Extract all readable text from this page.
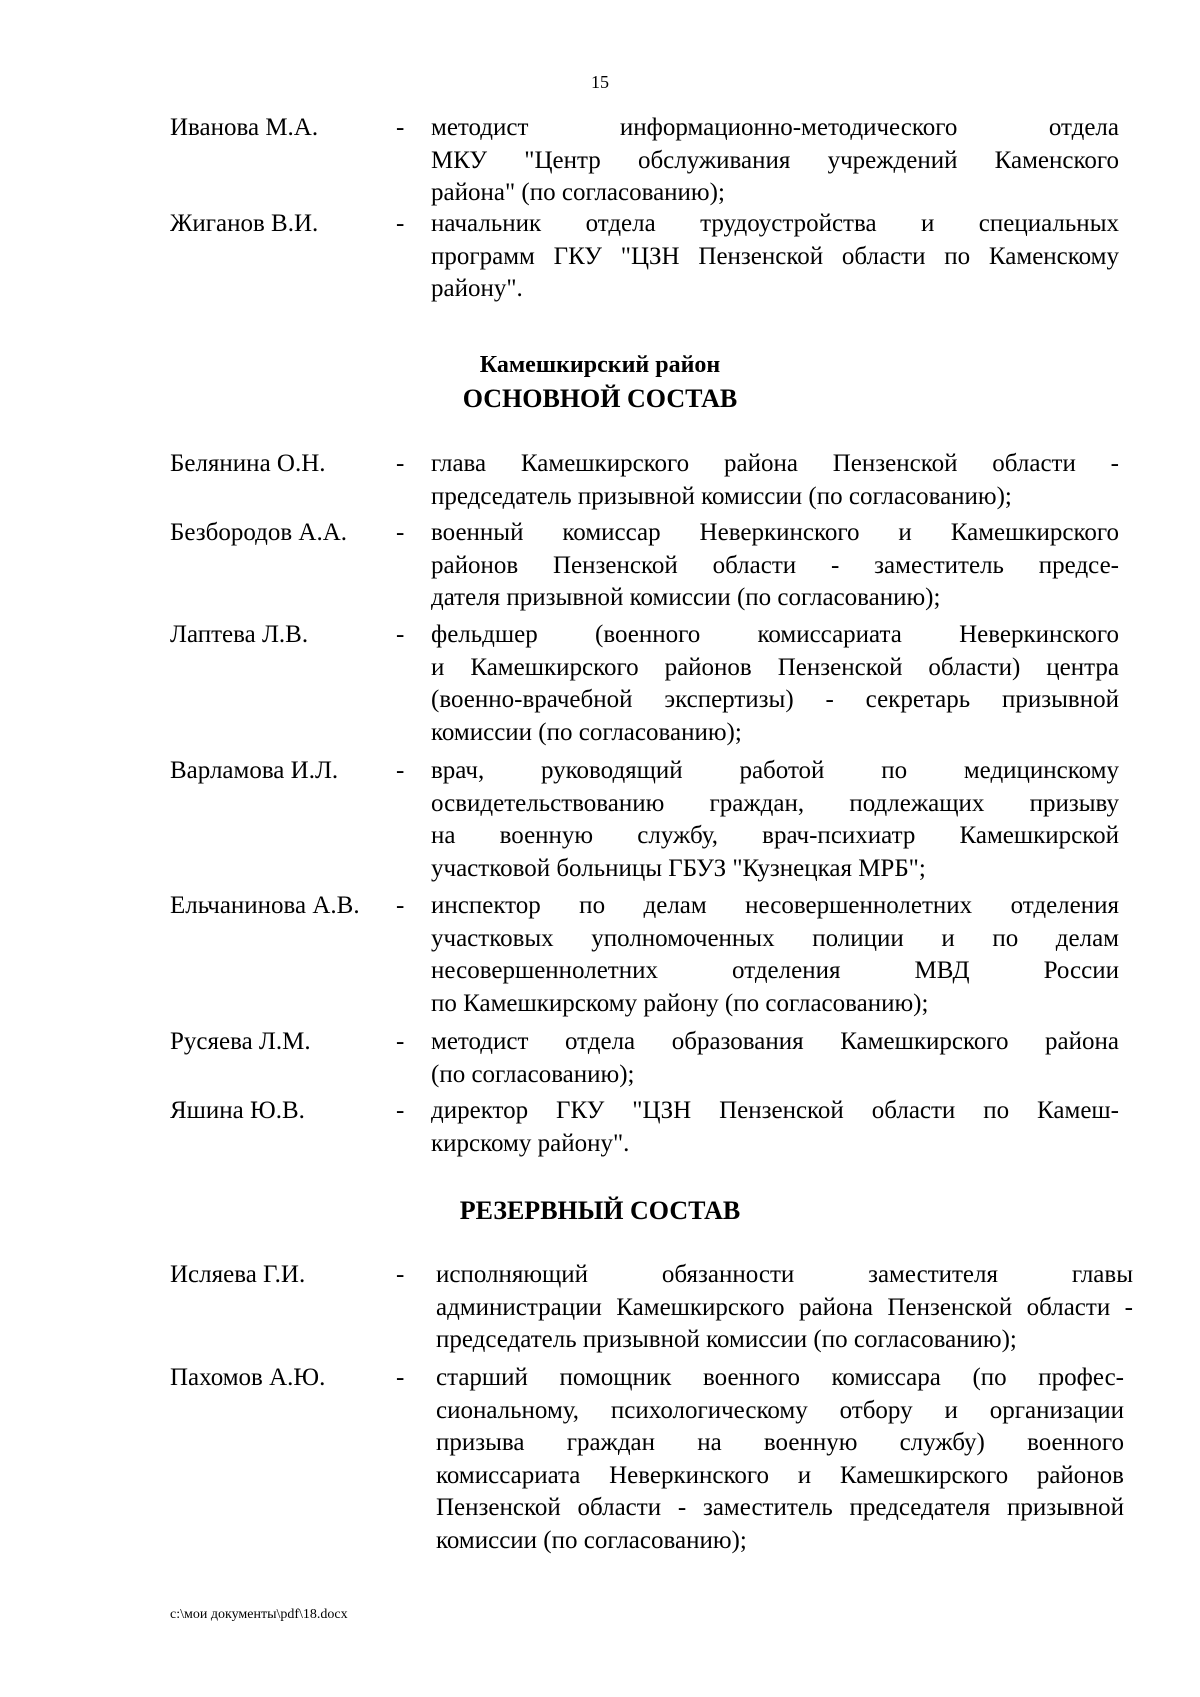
15
Иванова М.А.	- методист информационно-методического отдела
МКУ "Центр обслуживания учреждений Каменского
района" (по согласованию);
Жиганов В.И.	- начальник отдела трудоустройства и специальных
программ ГКУ "ЦЗН Пензенской области по Каменскому
району".
Камешкирский район
ОСНОВНОЙ СОСТАВ
Белянина О.Н.	- глава Камешкирского района Пензенской области -
председатель призывной комиссии (по согласованию);
Безбородов А.А. - военный комиссар Неверкинского и Камешкирского
районов Пензенской области - заместитель предсе-
дателя призывной комиссии (по согласованию);
Лаптева Л.В.	- фельдшер (военного комиссариата Неверкинского
и Камешкирского районов Пензенской области) центра
(военно-врачебной экспертизы) - секретарь призывной
комиссии (по согласованию);
Варламова И.Л. - врач, руководящий работой по медицинскому
освидетельствованию граждан, подлежащих призыву
на военную службу, врач-психиатр Камешкирской
участковой больницы ГБУЗ "Кузнецкая МРБ";
Ельчанинова А.В. - инспектор по делам несовершеннолетних отделения
участковых уполномоченных полиции и по делам
несовершеннолетних отделения МВД России
по Камешкирскому району (по согласованию);
Русяева Л.М.	- методист отдела образования Камешкирского района
(по согласованию);
Яшина Ю.В.	- директор ГКУ "ЦЗН Пензенской области по Камеш-
кирскому району".
РЕЗЕРВНЫЙ СОСТАВ
Исляева Г.И.	- исполняющий обязанности заместителя главы
администрации Камешкирского района Пензенской области -
председатель призывной комиссии (по согласованию);
Пахомов А.Ю.	- старший помощник военного комиссара (по профес-
сиональному, психологическому отбору и организации
призыва граждан на военную службу) военного
комиссариата Неверкинского и Камешкирского районов
Пензенской области - заместитель председателя призывной
комиссии (по согласованию);
c:\мои документы\pdf\18.docx
